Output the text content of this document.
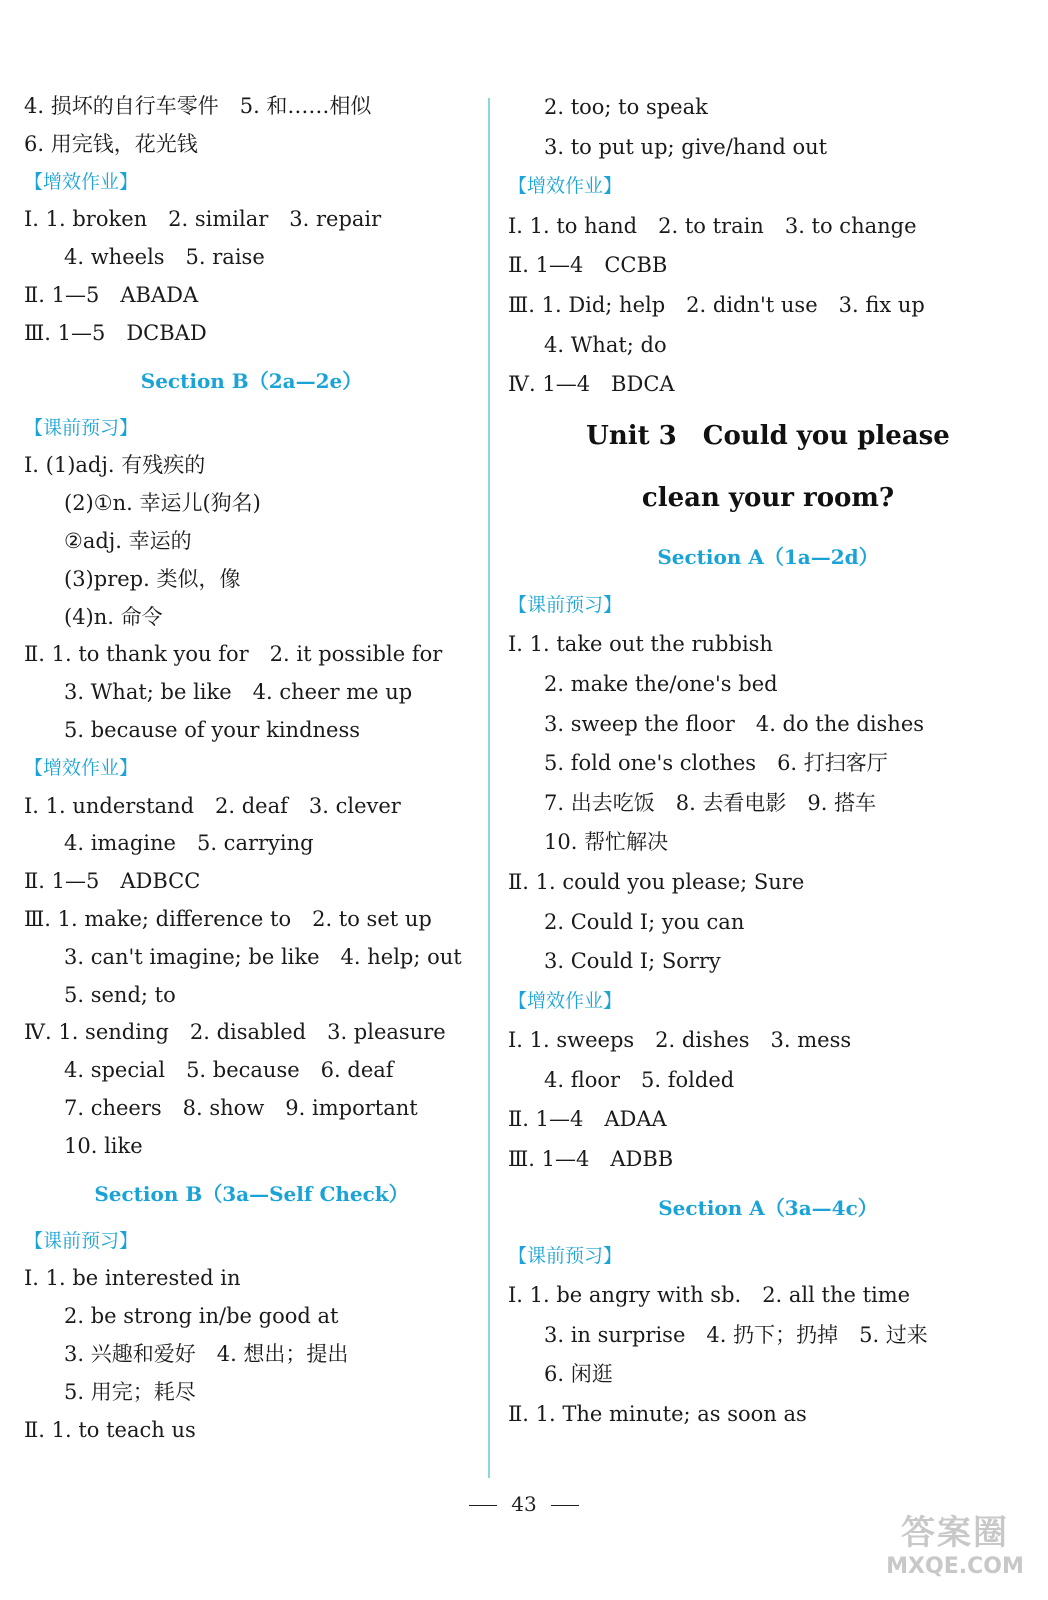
4. 损坏的自行车零件　5. 和……相似
6. 用完钱，花光钱
【增效作业】
Ⅰ. 1. broken　2. similar　3. repair
4. wheels　5. raise
Ⅱ. 1—5　ABADA
Ⅲ. 1—5　DCBAD
Section B（2a—2e）
【课前预习】
Ⅰ. (1)adj. 有残疾的
(2)①n. 幸运儿(狗名)
②adj. 幸运的
(3)prep. 类似，像
(4)n. 命令
Ⅱ. 1. to thank you for　2. it possible for
3. What; be like　4. cheer me up
5. because of your kindness
【增效作业】
Ⅰ. 1. understand　2. deaf　3. clever
4. imagine　5. carrying
Ⅱ. 1—5　ADBCC
Ⅲ. 1. make; difference to　2. to set up
3. can't imagine; be like　4. help; out
5. send; to
Ⅳ. 1. sending　2. disabled　3. pleasure
4. special　5. because　6. deaf
7. cheers　8. show　9. important
10. like
Section B（3a—Self Check）
【课前预习】
Ⅰ. 1. be interested in
2. be strong in/be good at
3. 兴趣和爱好　4. 想出；提出
5. 用完；耗尽
Ⅱ. 1. to teach us
2. too; to speak
3. to put up; give/hand out
【增效作业】
Ⅰ. 1. to hand　2. to train　3. to change
Ⅱ. 1—4　CCBB
Ⅲ. 1. Did; help　2. didn't use　3. fix up
4. What; do
Ⅳ. 1—4　BDCA
Unit 3　Could you please
clean your room?
Section A（1a—2d）
【课前预习】
Ⅰ. 1. take out the rubbish
2. make the/one's bed
3. sweep the floor　4. do the dishes
5. fold one's clothes　6. 打扫客厅
7. 出去吃饭　8. 去看电影　9. 搭车
10. 帮忙解决
Ⅱ. 1. could you please; Sure
2. Could I; you can
3. Could I; Sorry
【增效作业】
Ⅰ. 1. sweeps　2. dishes　3. mess
4. floor　5. folded
Ⅱ. 1—4　ADAA
Ⅲ. 1—4　ADBB
Section A（3a—4c）
【课前预习】
Ⅰ. 1. be angry with sb.　2. all the time
3. in surprise　4. 扔下；扔掉　5. 过来
6. 闲逛
Ⅱ. 1. The minute; as soon as
43
答案圈
MXQE.COM
